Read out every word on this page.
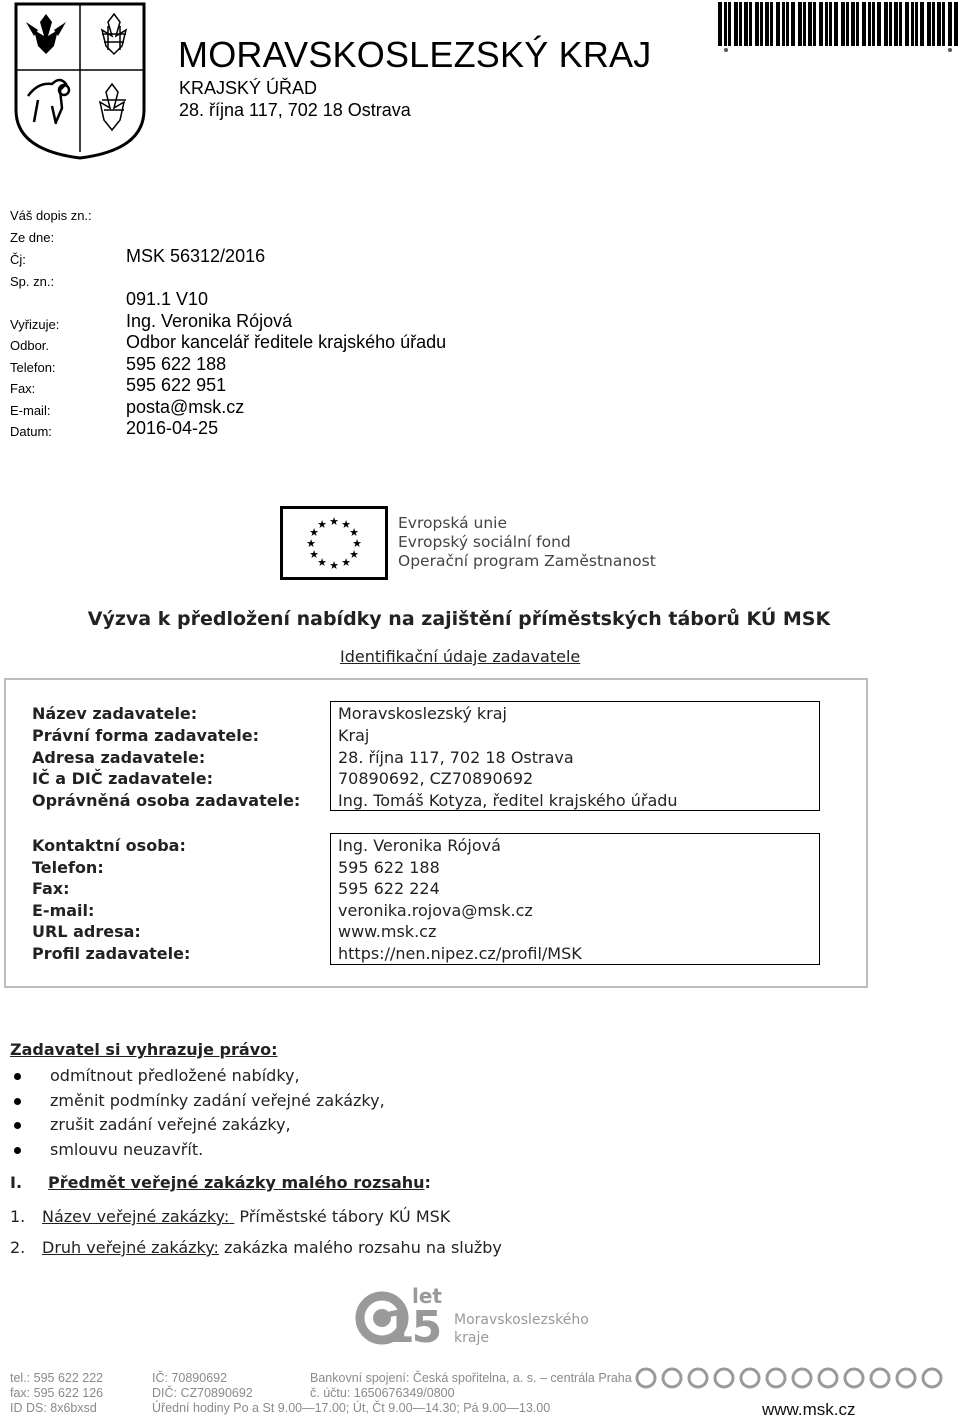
MORAVSKOSLEZSKÝ KRAJ
KRAJSKÝ ÚŘAD
28. října 117, 702 18 Ostrava
Váš dopis zn.:
Ze dne:
Čj:	MSK 56312/2016
Sp. zn.:
091.1 V10
Vyřizuje:	Ing. Veronika Rójová
Odbor.	Odbor kancelář ředitele krajského úřadu
Telefon:	595 622 188
Fax:	595 622 951
E-mail:	posta@msk.cz
Datum:	2016-04-25
★ ★
★
★
★
★
★
★
★
★
★
★	Evropská unie
Evropský sociální fond
Operační program Zaměstnanost
Výzva k předložení nabídky na zajištění příměstských táborů KÚ MSK
Identifikační údaje zadavatele
Název zadavatele:	Moravskoslezský kraj
Právní forma zadavatele:	Kraj
Adresa zadavatele:	28. října 117, 702 18 Ostrava
IČ a DIČ zadavatele:	70890692, CZ70890692
Oprávněná osoba zadavatele: Ing. Tomáš Kotyza, ředitel krajského úřadu
Kontaktní osoba:	Ing. Veronika Rójová
Telefon:	595 622 188
Fax:	595 622 224
E-mail:	veronika.rojova@msk.cz
URL adresa:	www.msk.cz
Profil zadavatele:	https://nen.nipez.cz/profil/MSK
Zadavatel si vyhrazuje právo:
odmítnout předložené nabídky,
změnit podmínky zadání veřejné zakázky,
zrušit zadání veřejné zakázky,
smlouvu neuzavřít.
I. Předmět veřejné zakázky malého rozsahu:
1. Název veřejné zakázky:  Příměstské tábory KÚ MSK
2. Druh veřejné zakázky: zakázka malého rozsahu na služby
let
15 Moravskoslezského
kraje
tel.: 595 622 222
fax: 595 622 126
ID DS: 8x6bxsd
IČ: 70890692
DIČ: CZ70890692
Úřední hodiny Po a St 9.00—17.00; Út, Čt 9.00—14.30; Pá 9.00—13.00
Bankovní spojení: Česká spořitelna, a. s. – centrála Praha
č. účtu: 1650676349/0800
www.msk.cz
